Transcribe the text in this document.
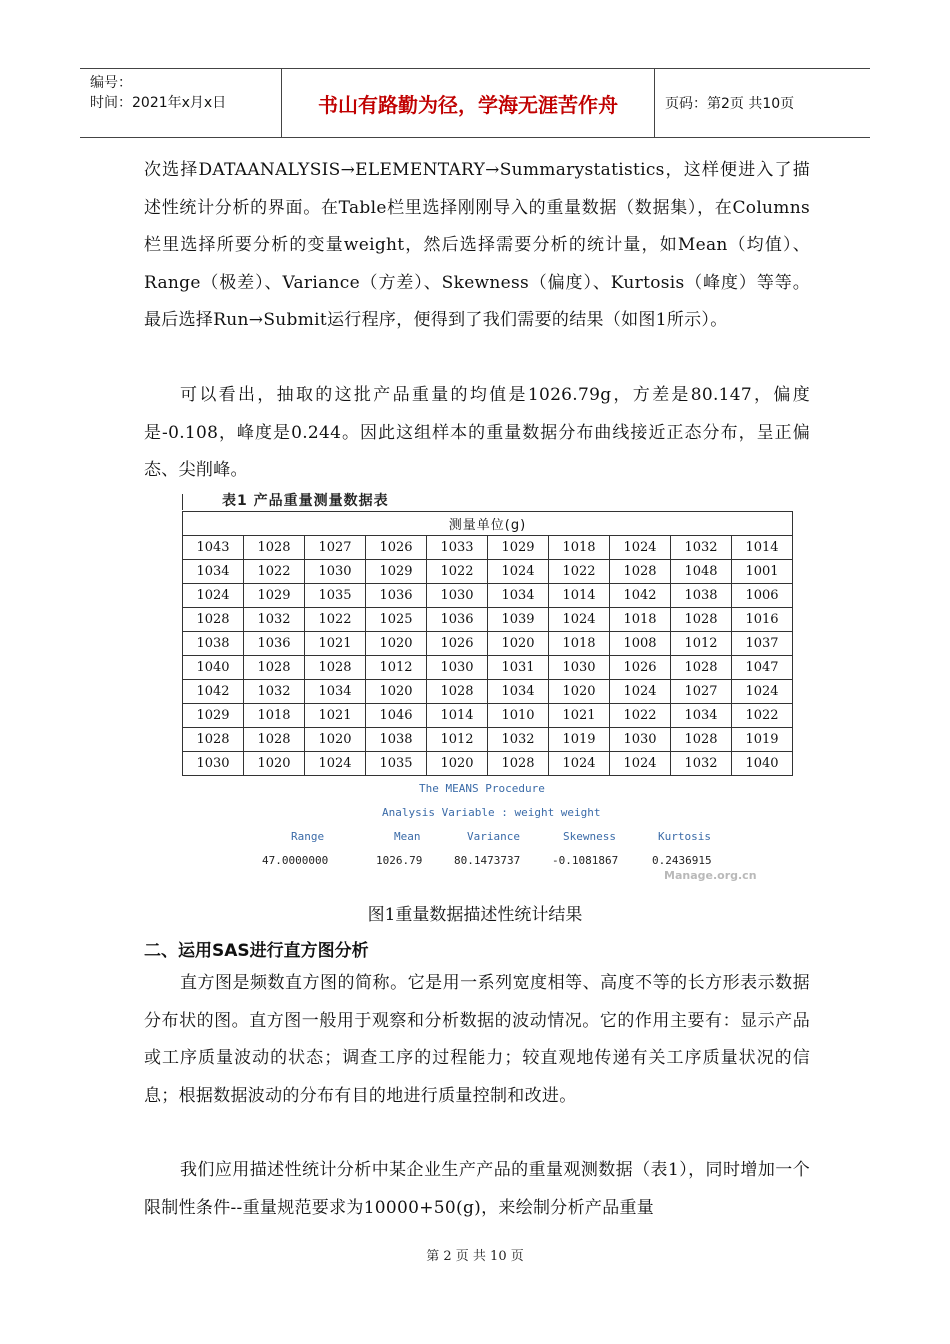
编号：
时间：2021年x月x日	书山有路勤为径，学海无涯苦作舟	页码：第2页 共10页

次选择DATAANALYSIS→ELEMENTARY→Summarystatistics，这样便进入了描述性统计分析的界面。在Table栏里选择刚刚导入的重量数据（数据集），在Columns栏里选择所要分析的变量weight，然后选择需要分析的统计量，如Mean（均值）、Range（极差）、Variance（方差）、Skewness（偏度）、Kurtosis（峰度）等等。最后选择Run→Submit运行程序，便得到了我们需要的结果（如图1所示）。

可以看出，抽取的这批产品重量的均值是1026.79g，方差是80.147，偏度是-0.108，峰度是0.244。因此这组样本的重量数据分布曲线接近正态分布，呈正偏态、尖削峰。

表1 产品重量测量数据表
测量单位(g)									
1043	1028	1027	1026	1033	1029	1018	1024	1032	1014
1034	1022	1030	1029	1022	1024	1022	1028	1048	1001
1024	1029	1035	1036	1030	1034	1014	1042	1038	1006
1028	1032	1022	1025	1036	1039	1024	1018	1028	1016
1038	1036	1021	1020	1026	1020	1018	1008	1012	1037
1040	1028	1028	1012	1030	1031	1030	1026	1028	1047
1042	1032	1034	1020	1028	1034	1020	1024	1027	1024
1029	1018	1021	1046	1014	1010	1021	1022	1034	1022
1028	1028	1020	1038	1012	1032	1019	1030	1028	1019
1030	1020	1024	1035	1020	1028	1024	1024	1032	1040
The MEANS Procedure
Analysis Variable : weight weight
Range	Mean	Variance	Skewness	Kurtosis
47.0000000	1026.79	80.1473737	-0.1081867	0.2436915
Manage.org.cn
图1重量数据描述性统计结果
二、运用SAS进行直方图分析

直方图是频数直方图的简称。它是用一系列宽度相等、高度不等的长方形表示数据分布状的图。直方图一般用于观察和分析数据的波动情况。它的作用主要有：显示产品或工序质量波动的状态；调查工序的过程能力；较直观地传递有关工序质量状况的信息；根据数据波动的分布有目的地进行质量控制和改进。

我们应用描述性统计分析中某企业生产产品的重量观测数据（表1），同时增加一个限制性条件--重量规范要求为10000+50(g)，来绘制分析产品重量

第 2 页 共 10 页
